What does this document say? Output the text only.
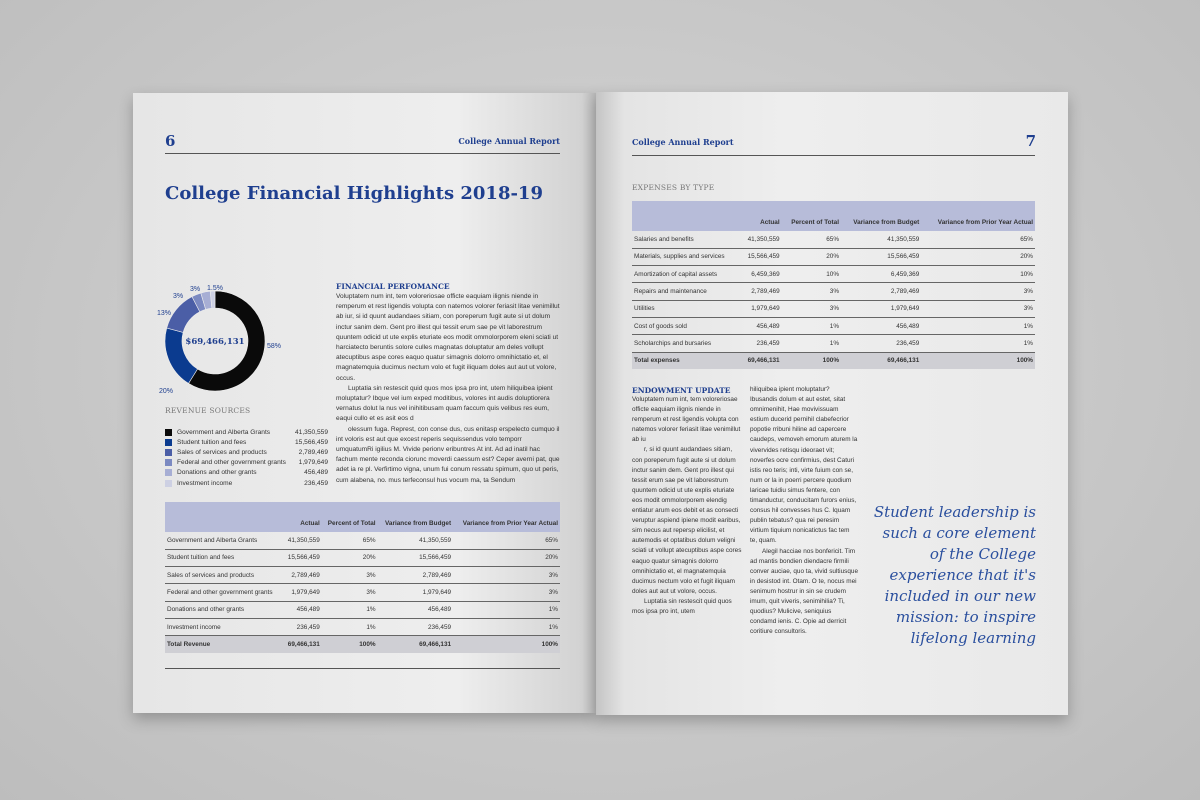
6	College Annual Report
College Financial Highlights 2018-19
58%
20%
13%
3%
3% 1.5%
$69,466,131
REVENUE SOURCES
Government and Alberta Grants	41,350,559
Student tuition and fees	15,566,459
Sales of services and products	2,789,469
Federal and other government grants	1,979,649
Donations and other grants	456,489
Investment income	236,459
FINANCIAL PERFOMANCE

Voluptatem num int, tem voloreriosae officte eaquiam ilignis niende in remperum et rest ligendis volupta con natemos volorer feriasit litae venimillut ab iur, si id quunt audandaes sitiam, con poreperum fugit aute si ut dolum inctur sanim dem. Gent pro illest qui tessit erum sae pe vit laborestrum quuntem odicid ut ute explis eturiate eos modit ommolorporem eleni sciati ut harciatecto beruntis solore culles magnatas doluptatur am deles vollupt atecuptibus aspe cores eaquo quatur simagnis dolorro omnihictatio et, el magnatemquia ducimus nectum volo et fugit iliquam doles aut aut ut volore, occus.

Luptatia sin restescit quid quos mos ipsa pro int, utem hiliquibea ipient moluptatur? Ibque vel ium exped moditibus, volores int audis doluptiorera vernatus dolut la nus vel inihitibusam quam faccum quis velibus res eum, eaqui cullo et es asit eos d

olessum fuga. Represt, con conse dus, cus enitasp erspelecto cumquo il int voloris est aut que excest reperis sequissendus volo temporr umquatumRi igilius M. Vivide perionv eribuntres At int. Ad ad inatil hac fachum mente reconda ciorunc moverdi caessum est? Ceper averni pat, que adet ia re pl. Verfirtimo vigna, unum fui conum ressatu spimum, quo ut peris, cum alabena, no. mus terfeconsul hus vocum ma, ta Sendum

	Actual	Percent of Total	Variance from Budget	Variance from Prior Year Actual
Government and Alberta Grants	41,350,559	65%	41,350,559	65%
Student tuition and fees	15,566,459	20%	15,566,459	20%
Sales of services and products	2,789,469	3%	2,789,469	3%
Federal and other government grants	1,979,649	3%	1,979,649	3%
Donations and other grants	456,489	1%	456,489	1%
Investment income	236,459	1%	236,459	1%
Total Revenue	69,466,131	100%	69,466,131	100%
College Annual Report	7
EXPENSES BY TYPE
	Actual	Percent of Total	Variance from Budget	Variance from Prior Year Actual
Salaries and benefits	41,350,559	65%	41,350,559	65%
Materials, supplies and services	15,566,459	20%	15,566,459	20%
Amortization of capital assets	6,459,369	10%	6,459,369	10%
Repairs and maintenance	2,789,469	3%	2,789,469	3%
Utilities	1,979,649	3%	1,979,649	3%
Cost of goods sold	456,489	1%	456,489	1%
Scholarchips and bursaries	236,459	1%	236,459	1%
Total expenses	69,466,131	100%	69,466,131	100%
ENDOWMENT UPDATE

Voluptatem num int, tem voloreriosae officte eaquiam ilignis niende in remperum et rest ligendis volupta con natemos volorer feriasit litae venimillut ab iu

r, si id quunt audandaes sitiam, con poreperum fugit aute si ut dolum inctur sanim dem. Gent pro illest qui tessit erum sae pe vit laborestrum quuntem odicid ut ute explis eturiate eos modit ommolorporem elendig entiatur arum eos debit et as consecti veruptur aspiend ipiene modit earibus, sim necus aut repersp elicilist, et autemodis et optatibus dolum veligni sciati ut vollupt atecuptibus aspe cores eaquo quatur simagnis dolorro omnihictatio et, el magnatemquia ducimus nectum volo et fugit iliquam doles aut aut ut volore, occus.

Luptatia sin restescit quid quos mos ipsa pro int, utem

hiliquibea ipient moluptatur? Ibusandis dolum et aut estet, sitat omnimenihit, Hae movivissuam estium ducerid pernihil clabefecrior popotie rribuni hiline ad capercere caudeps, vemoveh emorum aturem la vivervides retisqu ideoraet vit; noverfes ocre confirmius, dest Caturi istis reo teris; inti, virte fuium con se, num or la in poerri percere quodium laricae tuidiu simus fentere, con timanductur, conducitam furors enius, consus hil convesses hus C. Iquam publin tebatus? qua rei peresim virtium tiquium nonicatictus fac tem te, quam.

Alegil hacciae nos bonfericit. Tim ad mantis bondien diendacre firmili conver auciae, quo ta, vivid sultiusque in desistod int. Otam. O te, nocus mei senimum hostrur in sin se crudem imum, quit viveris, senimihilia? Ti, quodius? Mulicive, seniquius condamd ienis. C. Opie ad derricit coritiure consultoris.

Student leadership is such a core element of the College experience that it's included in our new mission: to inspire lifelong learning
